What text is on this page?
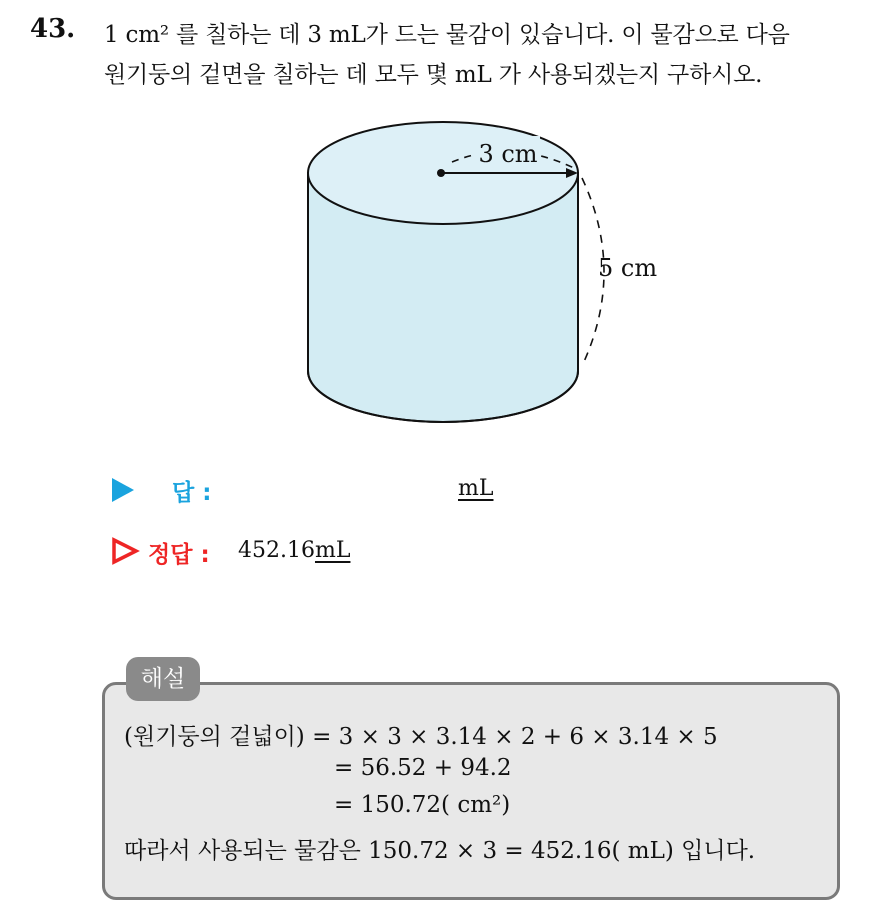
43. 1 cm² 를 칠하는 데 3 mL가 드는 물감이 있습니다. 이 물감으로 다음
원기둥의 겉면을 칠하는 데 모두 몇 mL 가 사용되겠는지 구하시오.
3 cm
5 cm
답 :	mL
정답 : 452.16mL
해설
(원기둥의 겉넓이) = 3 × 3 × 3.14 × 2 + 6 × 3.14 × 5
= 56.52 + 94.2
= 150.72( cm²)
따라서 사용되는 물감은 150.72 × 3 = 452.16( mL) 입니다.
